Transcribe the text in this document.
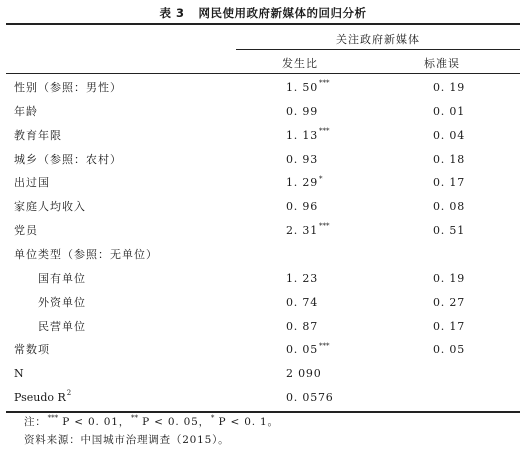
表 3 网民使用政府新媒体的回归分析
关注政府新媒体
发生比	标准误
性别（参照：男性）	1. 50***	0. 19
年龄	0. 99	0. 01
教育年限	1. 13***	0. 04
城乡（参照：农村）	0. 93	0. 18
出过国	1. 29*	0. 17
家庭人均收入	0. 96	0. 08
党员	2. 31***	0. 51
单位类型（参照：无单位）
国有单位	1. 23	0. 19
外资单位	0. 74	0. 27
民营单位	0. 87	0. 17
常数项	0. 05***	0. 05
N	2 090
Pseudo $R^2$	0. 0576
注：*** P < 0. 01，** P < 0. 05，* P < 0. 1。
资料来源：中国城市治理调查（2015）。
